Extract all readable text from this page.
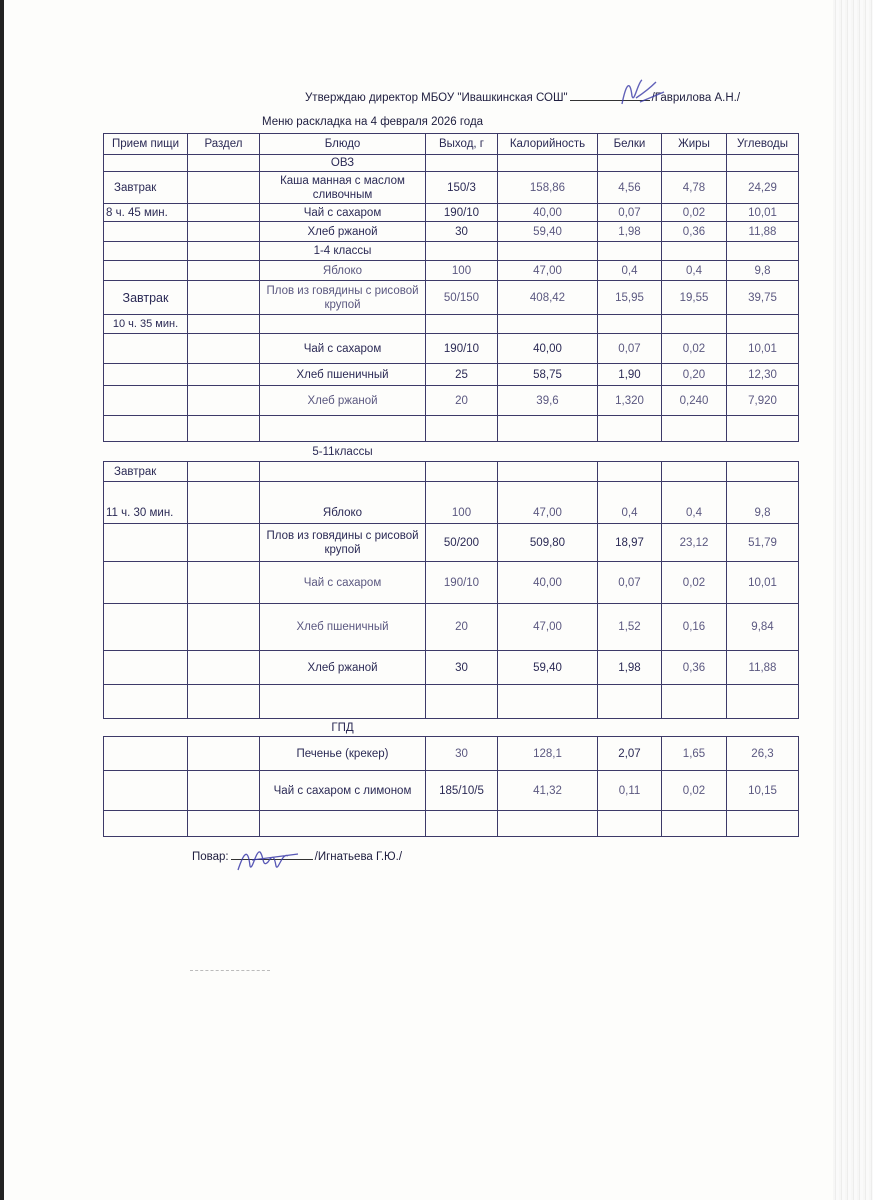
Утверждаю директор МБОУ "Ивашкинская СОШ"	/Гаврилова А.Н./
Меню раскладка на 4 февраля 2026 года
Прием пищи	Раздел	Блюдо	Выход, г	Калорийность	Белки	Жиры	Углеводы
		ОВЗ					
Завтрак		Каша манная с маслом сливочным	150/3	158,86	4,56	4,78	24,29
8 ч. 45 мин.		Чай с сахаром	190/10	40,00	0,07	0,02	10,01
		Хлеб ржаной	30	59,40	1,98	0,36	11,88
		1-4 классы					
		Яблоко	100	47,00	0,4	0,4	9,8
Завтрак		Плов из говядины с рисовой крупой	50/150	408,42	15,95	19,55	39,75
10 ч. 35 мин.							
		Чай с сахаром	190/10	40,00	0,07	0,02	10,01
		Хлеб пшеничный	25	58,75	1,90	0,20	12,30
		Хлеб ржаной	20	39,6	1,320	0,240	7,920

		5-11классы					
Завтрак							
11 ч. 30 мин.		Яблоко	100	47,00	0,4	0,4	9,8
		Плов из говядины с рисовой крупой	50/200	509,80	18,97	23,12	51,79
		Чай с сахаром	190/10	40,00	0,07	0,02	10,01
		Хлеб пшеничный	20	47,00	1,52	0,16	9,84
		Хлеб ржаной	30	59,40	1,98	0,36	11,88

		ГПД					
		Печенье (крекер)	30	128,1	2,07	1,65	26,3
		Чай с сахаром с лимоном	185/10/5	41,32	0,11	0,02	10,15

Повар:	/Игнатьева Г.Ю./
